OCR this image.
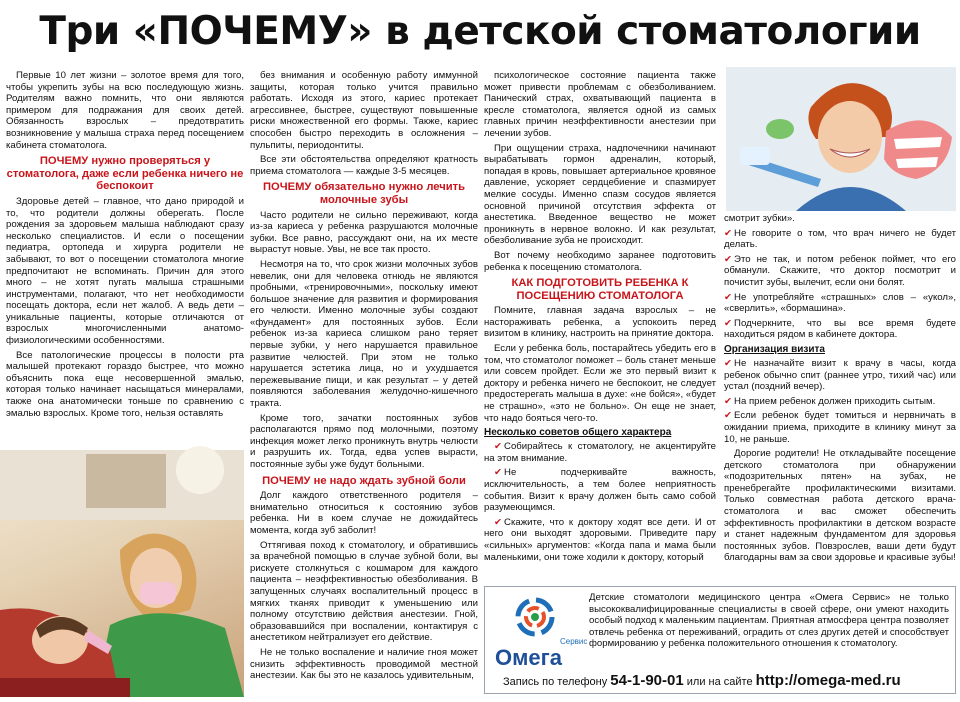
Три «ПОЧЕМУ» в детской стоматологии

Первые 10 лет жизни – золотое время для того, чтобы укрепить зубы на всю последующую жизнь. Родителям важно помнить, что они являются примером для подражания для своих детей. Обязанность взрослых – предотвратить возникновение у малыша страха перед посещением кабинета стоматолога.

ПОЧЕМУ нужно проверяться у стоматолога, даже если ребенка ничего не беспокоит

Здоровье детей – главное, что дано природой и то, что родители должны оберегать. После рождения за здоровьем малыша наблюдают сразу несколько специалистов. И если о посещении педиатра, ортопеда и хирурга родители не забывают, то вот о посещении стоматолога многие предпочитают не вспоминать. Причин для этого много – не хотят пугать малыша страшными инструментами, полагают, что нет необходимости посещать доктора, если нет жалоб. А ведь дети – уникальные пациенты, которые отличаются от взрослых многочисленными анатомо-физиологическими особенностями.

Все патологические процессы в полости рта малышей протекают гораздо быстрее, что можно объяснить пока еще несовершенной эмалью, которая только начинает насыщаться минералами, также она анатомически тоньше по сравнению с эмалью взрослых. Кроме того, нельзя оставлять

без внимания и особенную работу иммунной защиты, которая только учится правильно работать. Исходя из этого, кариес протекает агрессивнее, быстрее, существуют повышенные риски множественной его формы. Также, кариес способен быстро переходить в осложнения – пульпиты, периодонтиты.

Все эти обстоятельства определяют кратность приема стоматолога — каждые 3-5 месяцев.

ПОЧЕМУ обязательно нужно лечить молочные зубы

Часто родители не сильно переживают, когда из-за кариеса у ребенка разрушаются молочные зубки. Все равно, рассуждают они, на их месте вырастут новые. Увы, не все так просто.

Несмотря на то, что срок жизни молочных зубов невелик, они для человека отнюдь не являются пробными, «тренировочными», поскольку имеют большое значение для развития и формирования его челюсти. Именно молочные зубы создают «фундамент» для постоянных зубов. Если ребенок из-за кариеса слишком рано теряет первые зубки, у него нарушается правильное развитие челюстей. При этом не только нарушается эстетика лица, но и ухудшается пережевывание пищи, и как результат – у детей появляются заболевания желудочно-кишечного тракта.

Кроме того, зачатки постоянных зубов располагаются прямо под молочными, поэтому инфекция может легко проникнуть внутрь челюсти и разрушить их. Тогда, едва успев вырасти, постоянные зубы уже будут больными.

ПОЧЕМУ не надо ждать зубной боли

Долг каждого ответственного родителя – внимательно относиться к состоянию зубов ребенка. Ни в коем случае не дожидайтесь момента, когда зуб заболит!

Оттягивая поход к стоматологу, и обратившись за врачебной помощью в случае зубной боли, вы рискуете столкнуться с кошмаром для каждого пациента – неэффективностью обезболивания. В запущенных случаях воспалительный процесс в мягких тканях приводит к уменьшению или полному отсутствию действия анестезии. Гной, образовавшийся при воспалении, контактируя с анестетиком нейтрализует его действие.

Не не только воспаление и наличие гноя может снизить эффективность проводимой местной анестезии. Как бы это не казалось удивительным,

психологическое состояние пациента также может привести проблемам с обезболиванием. Панический страх, охватывающий пациента в кресле стоматолога, является одной из самых главных причин неэффективности анестезии при лечении зубов.

При ощущении страха, надпочечники начинают вырабатывать гормон адреналин, который, попадая в кровь, повышает артериальное кровяное давление, ускоряет сердцебиение и спазмирует мелкие сосуды. Именно спазм сосудов является основной причиной отсутствия эффекта от анестетика. Введенное вещество не может проникнуть в нервное волокно. И как результат, обезболивание зуба не происходит.

Вот почему необходимо заранее подготовить ребенка к посещению стоматолога.

КАК ПОДГОТОВИТЬ РЕБЕНКА К ПОСЕЩЕНИЮ СТОМАТОЛОГА

Помните, главная задача взрослых – не настораживать ребенка, а успокоить перед визитом в клинику, настроить на принятие доктора.

Если у ребенка боль, постарайтесь убедить его в том, что стоматолог поможет – боль станет меньше или совсем пройдет. Если же это первый визит к доктору и ребенка ничего не беспокоит, не следует предостерегать малыша в духе: «не бойся», «будет не страшно», «это не больно». Он еще не знает, что надо бояться чего-то.

Несколько советов общего характера

✔ Собирайтесь к стоматологу, не акцентируйте на этом внимание.

✔ Не подчеркивайте важность, исключительность, а тем более неприятность события. Визит к врачу должен быть само собой разумеющимся.

✔ Скажите, что к доктору ходят все дети. И от него они выходят здоровыми. Приведите пару «сильных» аргументов: «Когда папа и мама были маленькими, они тоже ходили к доктору, который

смотрит зубки».

✔ Не говорите о том, что врач ничего не будет делать.

✔ Это не так, и потом ребенок поймет, что его обманули. Скажите, что доктор посмотрит и почистит зубы, вылечит, если они болят.

✔ Не употребляйте «страшных» слов – «укол», «сверлить», «бормашина».

✔ Подчеркните, что вы все время будете находиться рядом в кабинете доктора.

Организация визита

✔ Не назначайте визит к врачу в часы, когда ребенок обычно спит (раннее утро, тихий час) или устал (поздний вечер).

✔ На прием ребенок должен приходить сытым.

✔ Если ребенок будет томиться и нервничать в ожидании приема, приходите в клинику минут за 10, не раньше.

Дорогие родители! Не откладывайте посещение детского стоматолога при обнаружении «подозрительных пятен» на зубах, не пренебрегайте профилактическими визитами. Только совместная работа детского врача-стоматолога и вас сможет обеспечить эффективность профилактики в детском возрасте и станет надежным фундаментом для здоровья постоянных зубов. Повзрослев, ваши дети будут благодарны вам за свои здоровье и красивые зубы!

Сервис
Омега

Детские стоматологи медицинского центра «Омега Сервис» не только высококвалифицированные специалисты в своей сфере, они умеют находить особый подход к маленьким пациентам. Приятная атмосфера центра позволяет отвлечь ребенка от переживаний, оградить от слез других детей и способствует формированию у ребенка положительного отношения к стоматологу.

Запись по телефону 54-1-90-01 или на сайте http://omega-med.ru
